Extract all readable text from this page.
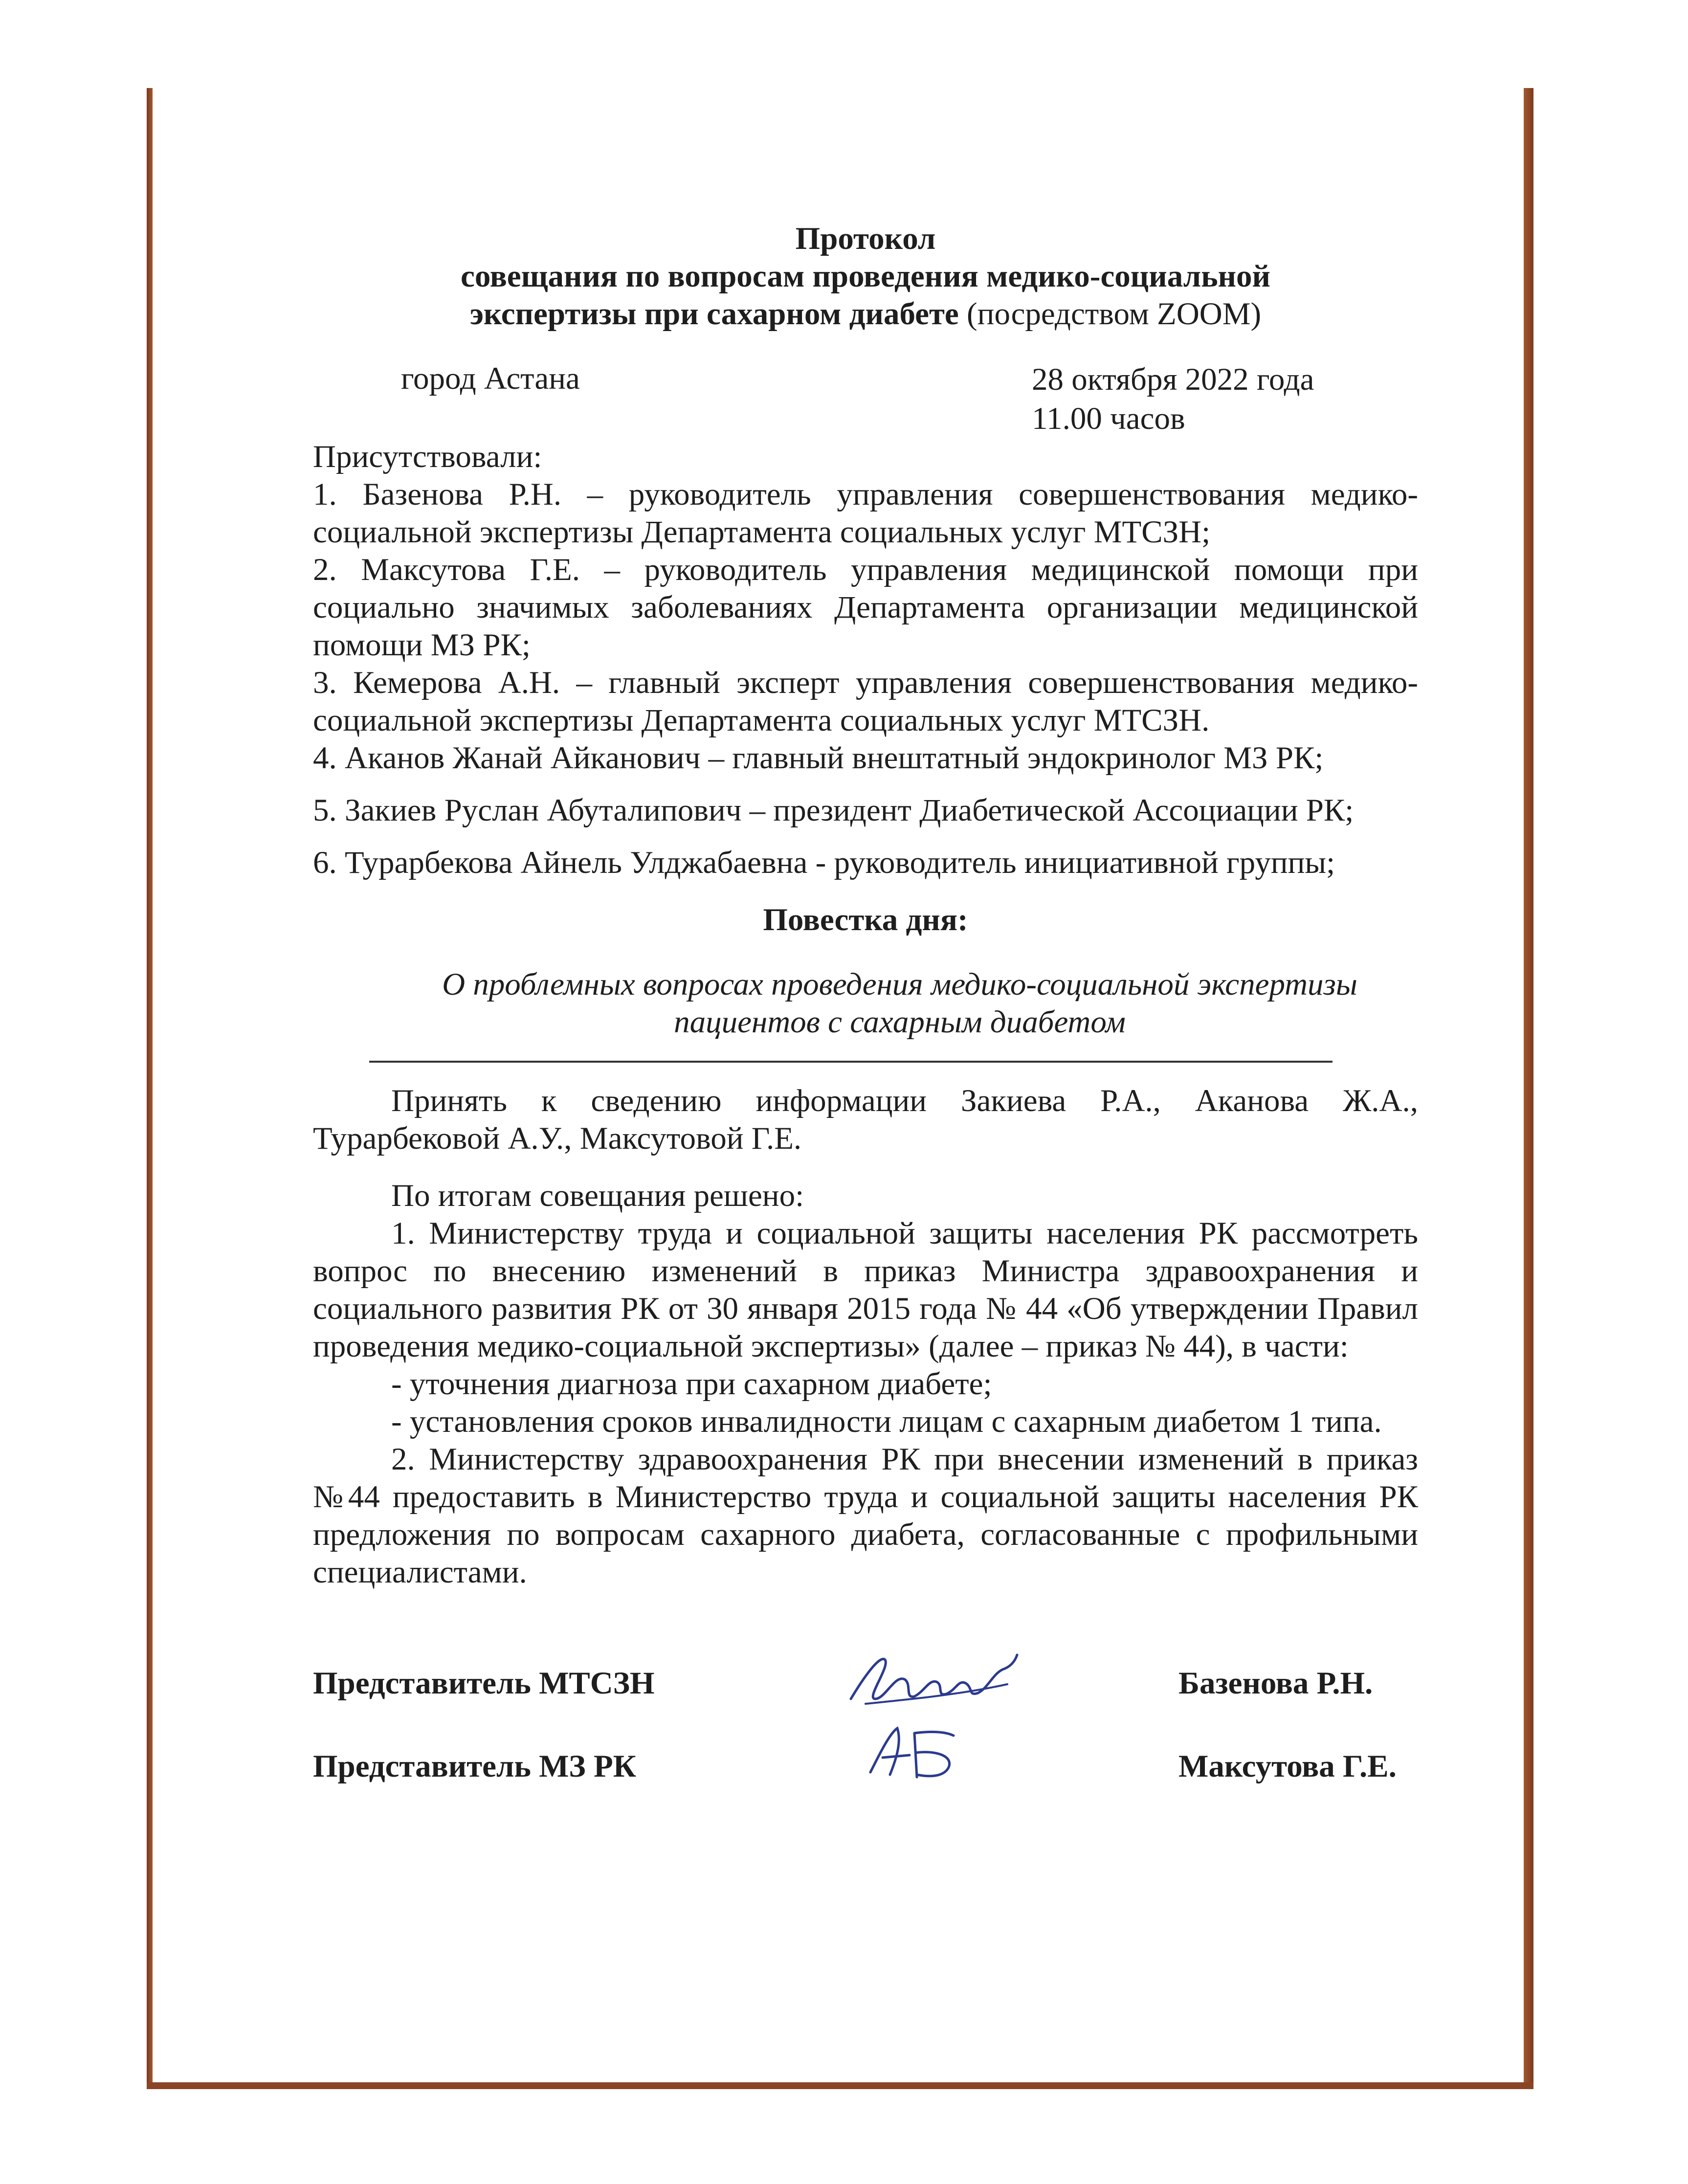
Протокол
совещания по вопросам проведения медико-социальной
экспертизы при сахарном диабете (посредством ZOOM)
город Астана	28 октября 2022 года
11.00 часов
Присутствовали:
1. Базенова Р.Н. – руководитель управления совершенствования медико-социальной экспертизы Департамента социальных услуг МТСЗН;
2. Максутова Г.Е. – руководитель управления медицинской помощи при социально значимых заболеваниях Департамента организации медицинской помощи МЗ РК;
3. Кемерова А.Н. – главный эксперт управления совершенствования медико-социальной экспертизы Департамента социальных услуг МТСЗН.
4. Аканов Жанай Айканович – главный внештатный эндокринолог МЗ РК;
5. Закиев Руслан Абуталипович – президент Диабетической Ассоциации РК;
6. Турарбекова Айнель Улджабаевна - руководитель инициативной группы;
Повестка дня:
О проблемных вопросах проведения медико-социальной экспертизы
пациентов с сахарным диабетом
Принять к сведению информации Закиева Р.А., Аканова Ж.А., Турарбековой А.У., Максутовой Г.Е.
По итогам совещания решено:
1. Министерству труда и социальной защиты населения РК рассмотреть вопрос по внесению изменений в приказ Министра здравоохранения и социального развития РК от 30 января 2015 года № 44 «Об утверждении Правил проведения медико-социальной экспертизы» (далее – приказ № 44), в части:
- уточнения диагноза при сахарном диабете;
- установления сроков инвалидности лицам с сахарным диабетом 1 типа.
2. Министерству здравоохранения РК при внесении изменений в приказ №44 предоставить в Министерство труда и социальной защиты населения РК предложения по вопросам сахарного диабета, согласованные с профильными специалистами.
Представитель МТСЗН	Базенова Р.Н.
Представитель МЗ РК	Максутова Г.Е.
